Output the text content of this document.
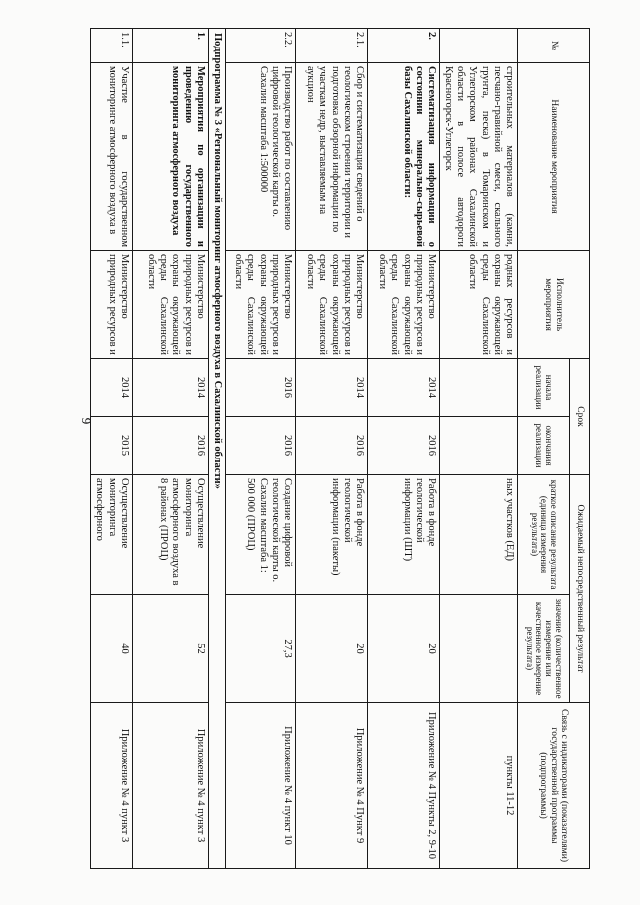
9
№	Наименование мероприятия	Исполнитель мероприятия	Срок		Ожидаемый непосредственный результат		Связь с индикаторами (показателями) государственной программы (подпрограммы)
			начала реализации	окончания реализации	краткое описание результата (единица измерения результата)	значение (количественное измерение или качественное измерение результата)	
	строительных материалов (камни, песчано-гравийной смеси, скального грунта, песка) в Томаринском и Углегорском районах Сахалинской области в полосе автодороги Красногорск-Углегорск	родных ресурсов и охраны окружающей среды Сахалинской области			ных участков (ЕД)		пункты 11-12
2.	Систематизация информации о состоянии минерально-сырьевой базы Сахалинской области:	Министерство природных ресурсов и охраны окружающей среды Сахалинской области	2014	2016	Работа в фонде геологической информации (ШТ)	20	Приложение № 4 Пункты 2, 9-10
2.1.	Сбор и систематизация сведений о геологическом строении территории и подготовка обзорной информации по участкам недр, выставляемым на аукцион	Министерство природных ресурсов и охраны окружающей среды Сахалинской области	2014	2016	Работа в фонде геологической информации (пакеты)	20	Приложение № 4 Пункт 9
2.2.	Производство работ по составлению цифровой геологической карты о. Сахалин масштаба 1:500000	Министерство природных ресурсов и охраны окружающей среды Сахалинской области	2016	2016	Создание цифровой геологической карты о. Сахалин масштаба 1: 500 000 (ПРОЦ)	27,3	Приложение № 4 пункт 10
Подпрограмма № 3 «Региональный мониторинг атмосферного воздуха в Сахалинской области»							
1.	Мероприятия по организации и проведению государственного мониторинга атмосферного воздуха	Министерство природных ресурсов и охраны окружающей среды Сахалинской области	2014	2016	Осуществление мониторинга атмосферного воздуха в 8 районах (ПРОЦ)	52	Приложение № 4 пункт 3
1.1.	Участие в государственном мониторинге атмосферного воздуха в	Министерство природных ресурсов и	2014	2015	Осуществление мониторинга атмосферного	40	Приложение № 4 пункт 3
